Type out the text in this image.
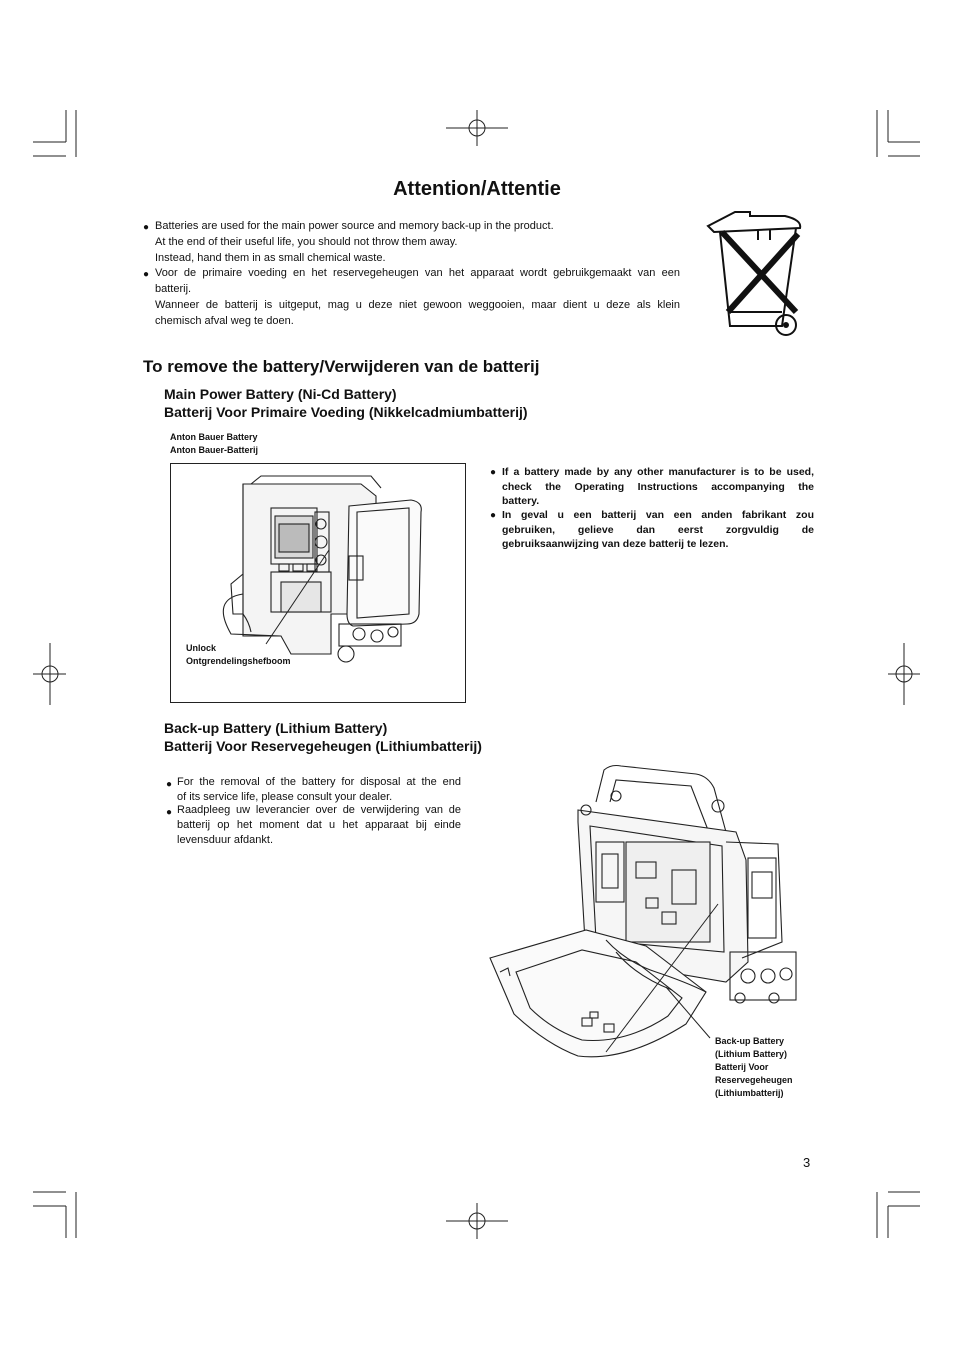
Attention/Attentie
● Batteries are used for the main power source and memory back-up in the product.
At the end of their useful life, you should not throw them away.
Instead, hand them in as small chemical waste.
● Voor de primaire voeding en het reservegeheugen van het apparaat wordt gebruikgemaakt van een
batterij.
Wanneer de batterij is uitgeput, mag u deze niet gewoon weggooien, maar dient u deze als klein
chemisch afval weg te doen.
To remove the battery/Verwijderen van de batterij
Main Power Battery (Ni-Cd Battery)
Batterij Voor Primaire Voeding (Nikkelcadmiumbatterij)
Anton Bauer Battery
Anton Bauer-Batterij
Unlock
Ontgrendelingshefboom
● If a battery made by any other manufacturer is to be used,
check the Operating Instructions accompanying the
battery.
● In geval u een batterij van een anden fabrikant zou
gebruiken, gelieve dan eerst zorgvuldig de
gebruiksaanwijzing van deze batterij te lezen.
Back-up Battery (Lithium Battery)
Batterij Voor Reservegeheugen (Lithiumbatterij)
● For the removal of the battery for disposal at the end
of its service life, please consult your dealer.
● Raadpleeg uw leverancier over de verwijdering van de
batterij op het moment dat u het apparaat bij einde
levensduur afdankt.
Back-up Battery
(Lithium Battery)
Batterij Voor
Reservegeheugen
(Lithiumbatterij)
3
